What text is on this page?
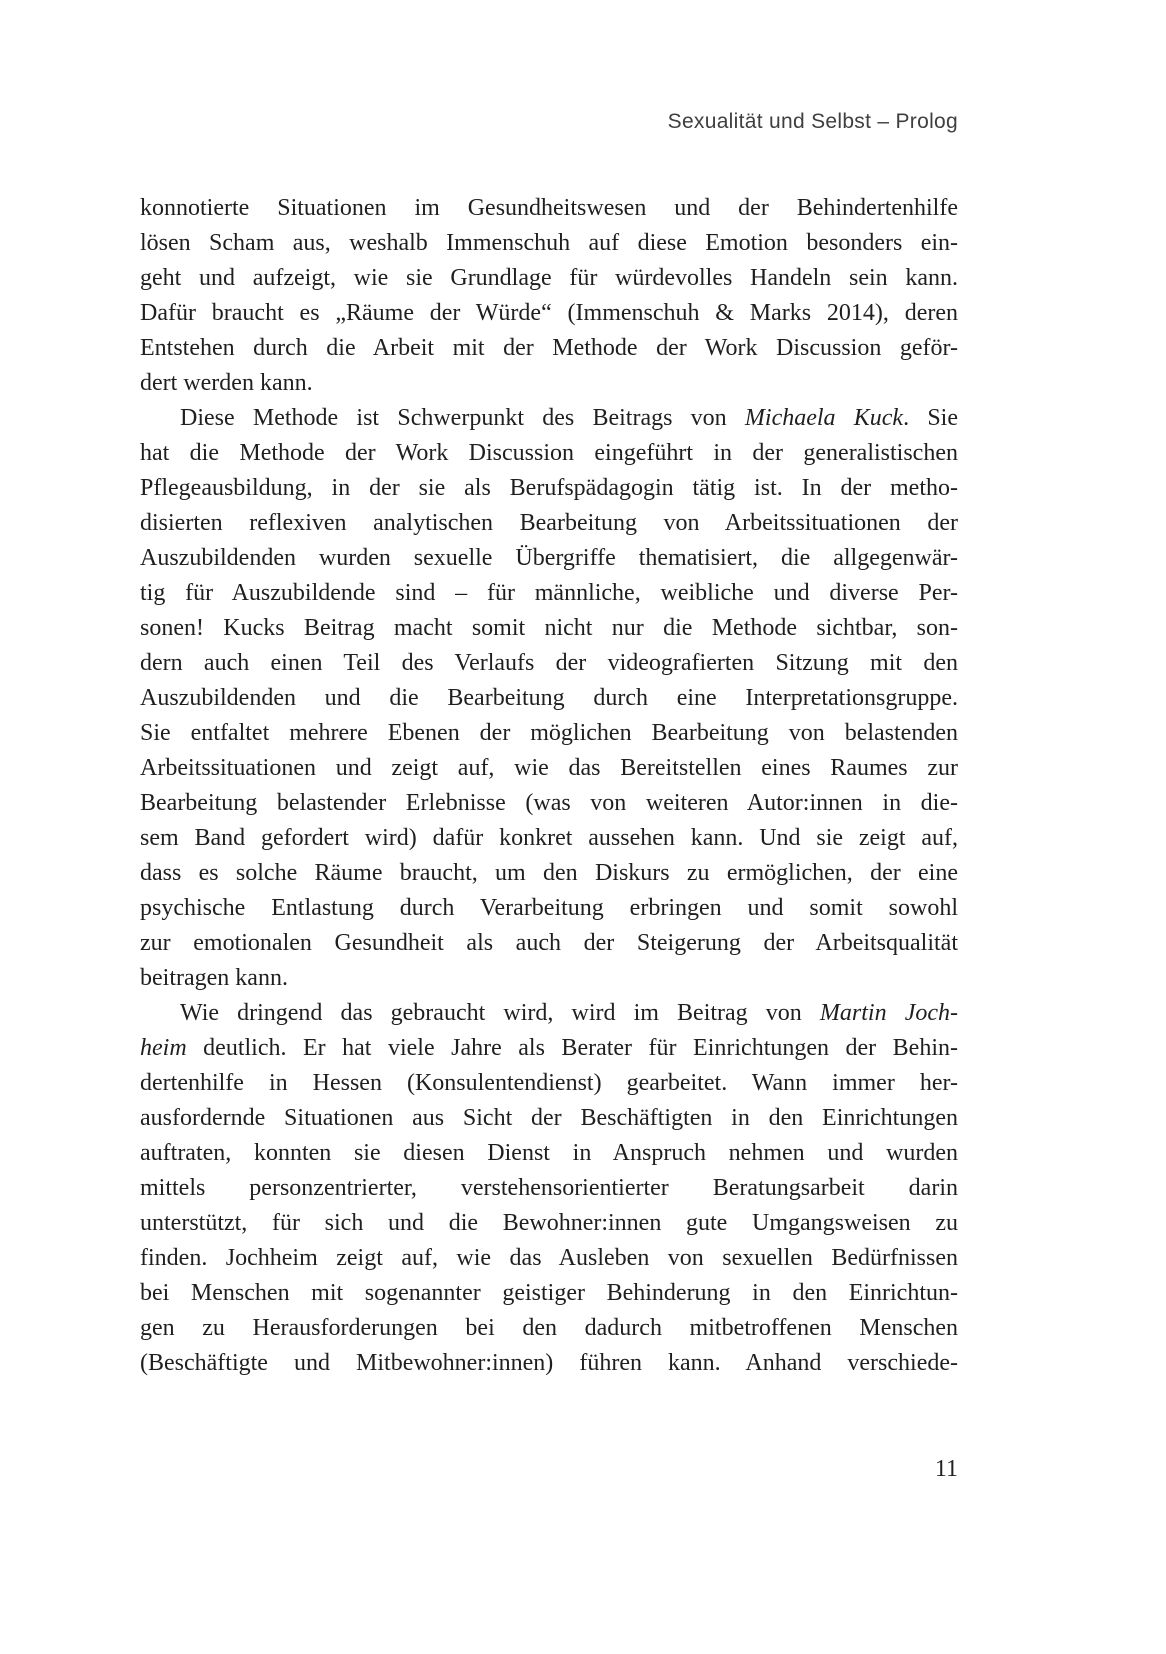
Sexualität und Selbst – Prolog
konnotierte Situationen im Gesundheitswesen und der Behindertenhilfe
lösen Scham aus, weshalb Immenschuh auf diese Emotion besonders ein-
geht und aufzeigt, wie sie Grundlage für würdevolles Handeln sein kann.
Dafür braucht es „Räume der Würde“ (Immenschuh & Marks 2014), deren
Entstehen durch die Arbeit mit der Methode der Work Discussion geför-
dert werden kann.
Diese Methode ist Schwerpunkt des Beitrags von Michaela Kuck. Sie
hat die Methode der Work Discussion eingeführt in der generalistischen
Pflegeausbildung, in der sie als Berufspädagogin tätig ist. In der metho-
disierten reflexiven analytischen Bearbeitung von Arbeitssituationen der
Auszubildenden wurden sexuelle Übergriffe thematisiert, die allgegenwär-
tig für Auszubildende sind – für männliche, weibliche und diverse Per-
sonen! Kucks Beitrag macht somit nicht nur die Methode sichtbar, son-
dern auch einen Teil des Verlaufs der videografierten Sitzung mit den
Auszubildenden und die Bearbeitung durch eine Interpretationsgruppe.
Sie entfaltet mehrere Ebenen der möglichen Bearbeitung von belastenden
Arbeitssituationen und zeigt auf, wie das Bereitstellen eines Raumes zur
Bearbeitung belastender Erlebnisse (was von weiteren Autor:innen in die-
sem Band gefordert wird) dafür konkret aussehen kann. Und sie zeigt auf,
dass es solche Räume braucht, um den Diskurs zu ermöglichen, der eine
psychische Entlastung durch Verarbeitung erbringen und somit sowohl
zur emotionalen Gesundheit als auch der Steigerung der Arbeitsqualität
beitragen kann.
Wie dringend das gebraucht wird, wird im Beitrag von Martin Joch-
heim deutlich. Er hat viele Jahre als Berater für Einrichtungen der Behin-
dertenhilfe in Hessen (Konsulentendienst) gearbeitet. Wann immer her-
ausfordernde Situationen aus Sicht der Beschäftigten in den Einrichtungen
auftraten, konnten sie diesen Dienst in Anspruch nehmen und wurden
mittels personzentrierter, verstehensorientierter Beratungsarbeit darin
unterstützt, für sich und die Bewohner:innen gute Umgangsweisen zu
finden. Jochheim zeigt auf, wie das Ausleben von sexuellen Bedürfnissen
bei Menschen mit sogenannter geistiger Behinderung in den Einrichtun-
gen zu Herausforderungen bei den dadurch mitbetroffenen Menschen
(Beschäftigte und Mitbewohner:innen) führen kann. Anhand verschiede-
11
